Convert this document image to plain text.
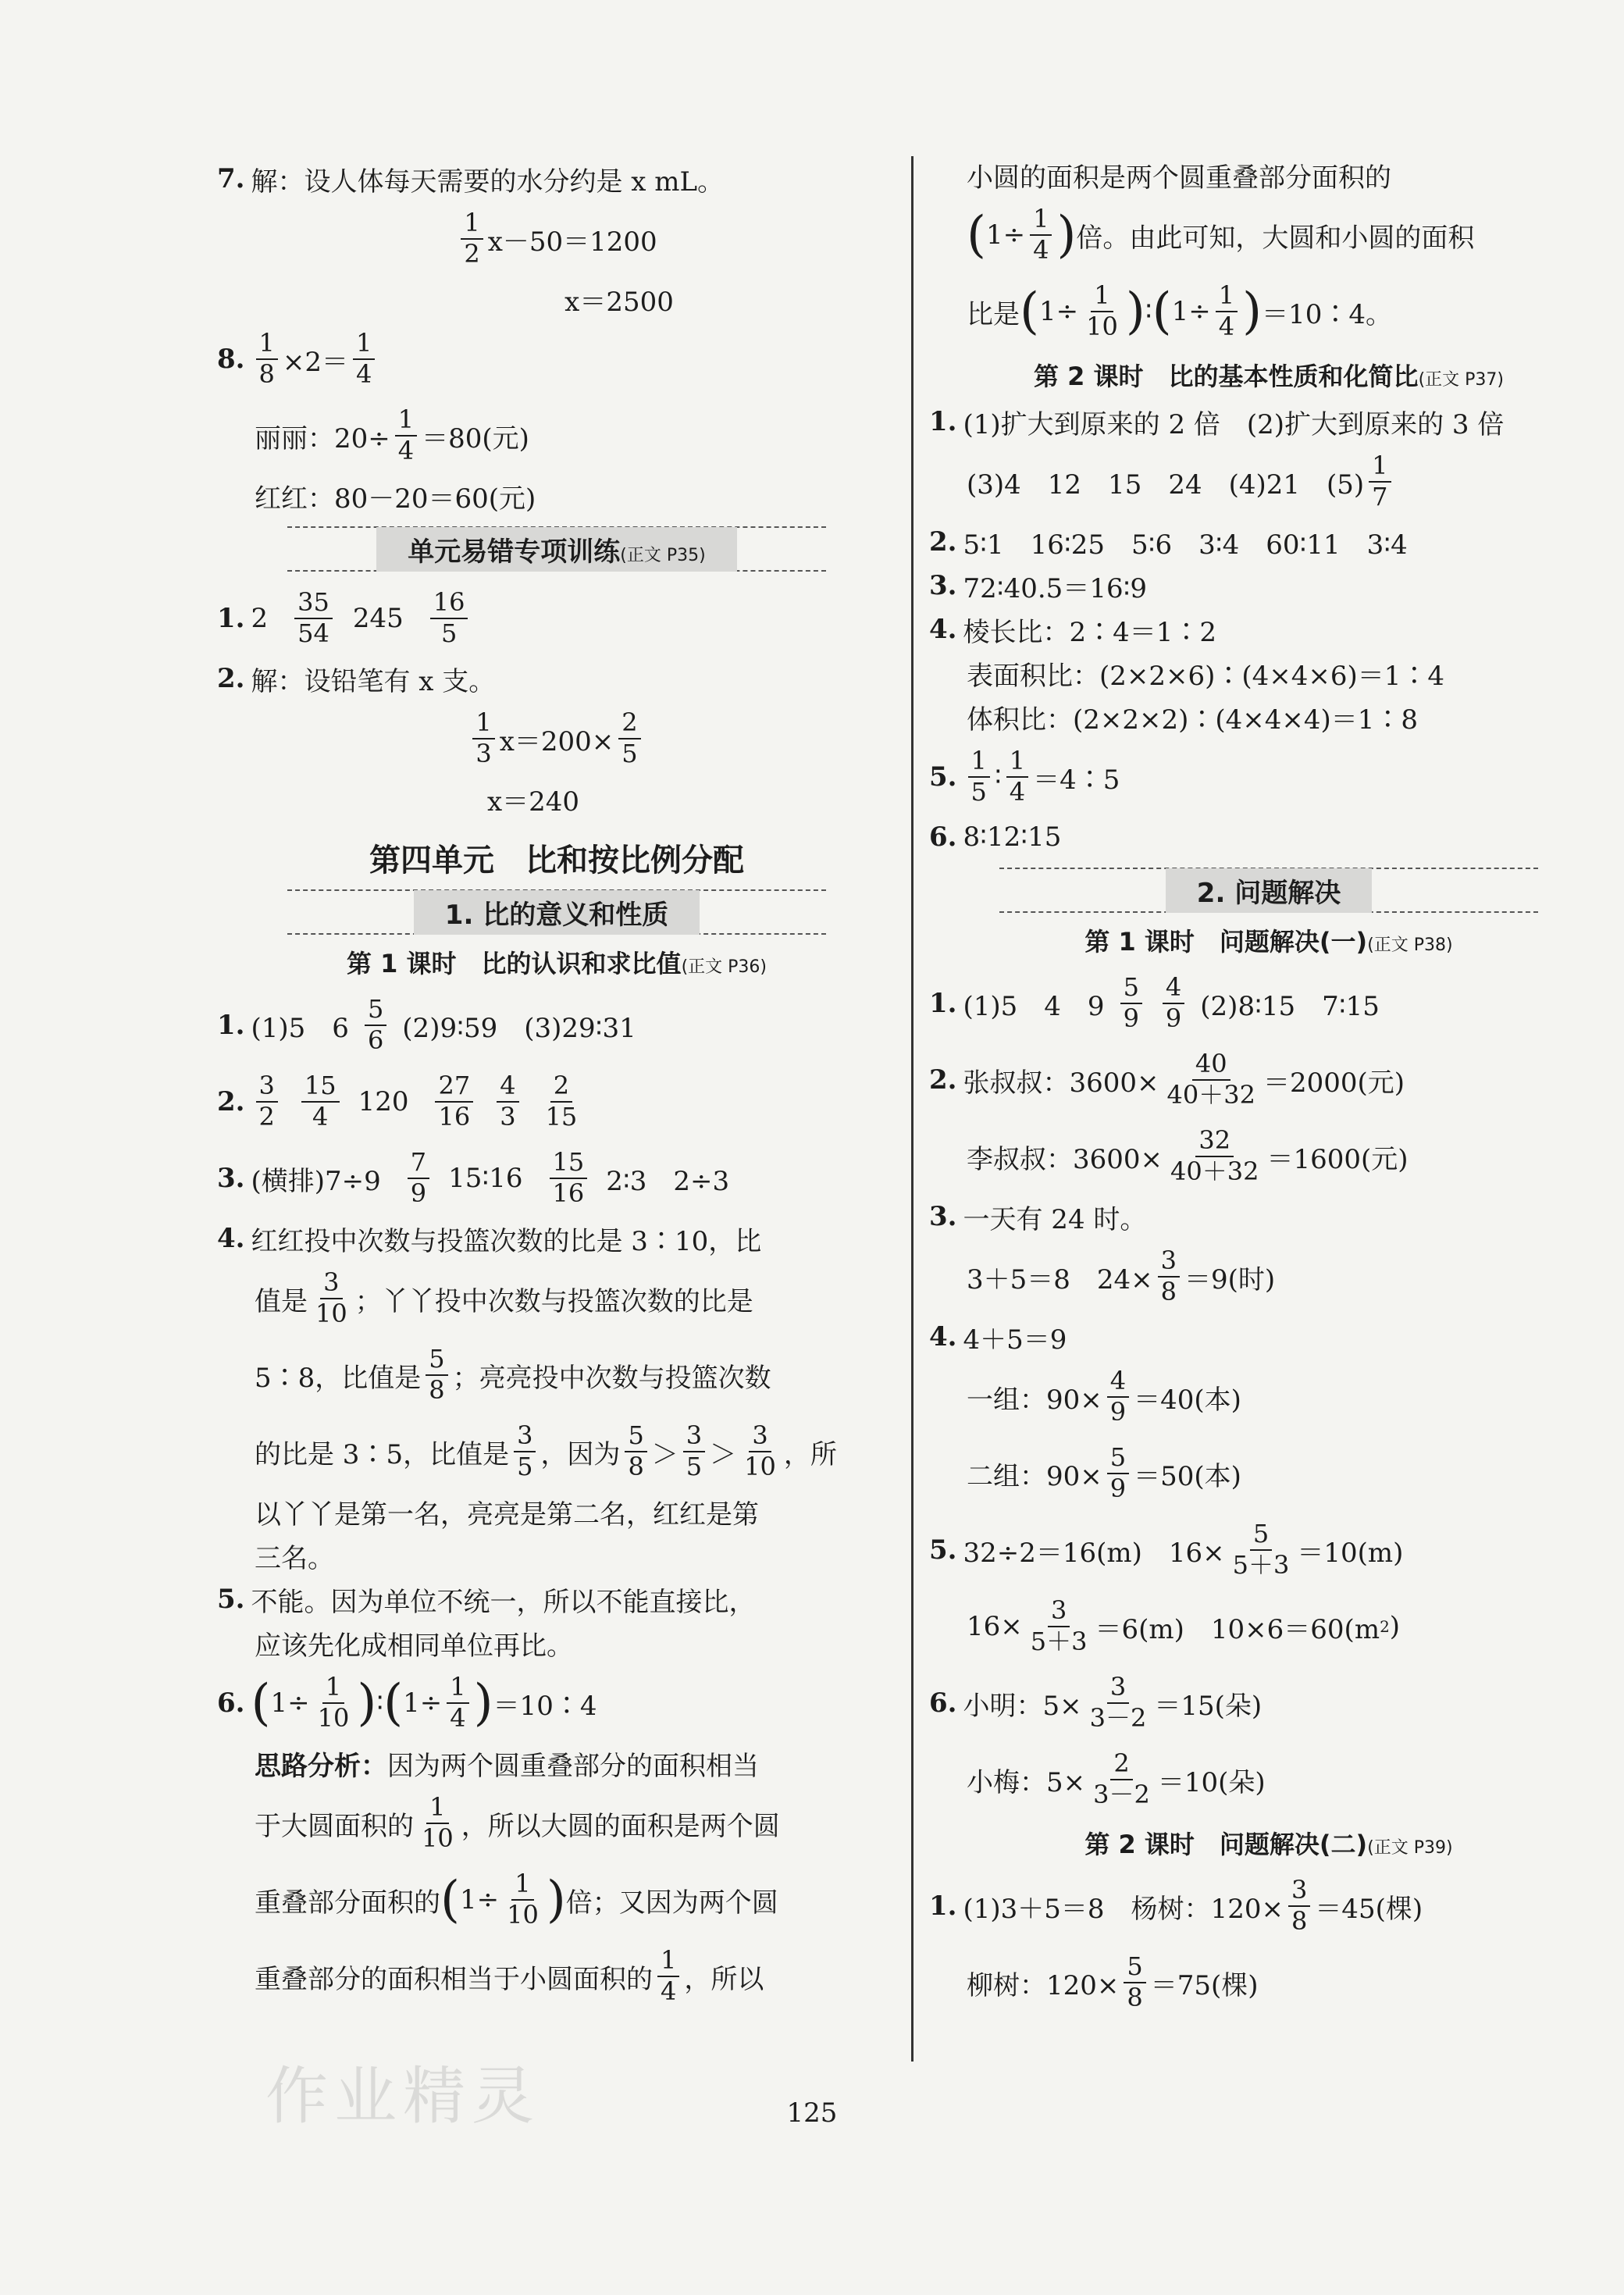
7. 解：设人体每天需要的水分约是 x mL。
$\frac{1}{2} x-50=1200$
x＝2500
8. $\frac{1}{8} \times 2= \frac{1}{4}$
丽丽：$20\div \frac{1}{4} =80$(元)
红红：80－20＝60(元)
单元易错专项训练(正文 P35)
1. $2 \frac{35}{54} 245 \frac{16}{5}$
2. 解：设铅笔有 x 支。
$\frac{1}{3} x=200\times \frac{2}{5}$
x＝240
第四单元　比和按比例分配
1. 比的意义和性质
第 1 课时　比的认识和求比值(正文 P36)
1. (1)5　$6 \frac{5}{6}$ (2)9∶59　(3)29∶31
2. $\frac{3}{2} \frac{15}{4} 120 \frac{27}{16} \frac{4}{3} \frac{2}{15}$
3. (横排)$7\div 9 \frac{7}{9}$ 15∶16 $\frac{15}{16}$ 2∶3　2÷3
4. 红红投中次数与投篮次数的比是 3∶10，比
值是 $\frac{3}{10}$ ；丫丫投中次数与投篮次数的比是
5∶8，比值是 $\frac{5}{8}$ ；亮亮投中次数与投篮次数
的比是 3∶5，比值是 $\frac{3}{5}$ ，因为 $\frac{5}{8} > \frac{3}{5} > \frac{3}{10}$ ，所
以丫丫是第一名，亮亮是第二名，红红是第
三名。
5. 不能。因为单位不统一，所以不能直接比，
应该先化成相同单位再比。
6. ( $1\div \frac{1}{10}$ ) ∶ ( $1\div \frac{1}{4}$ ) ＝10∶4
思路分析： 因为两个圆重叠部分的面积相当
于大圆面积的 $\frac{1}{10}$ ，所以大圆的面积是两个圆
重叠部分面积的 ( $1\div \frac{1}{10}$ ) 倍；又因为两个圆
重叠部分的面积相当于小圆面积的 $\frac{1}{4}$ ，所以
小圆的面积是两个圆重叠部分面积的
( $1\div \frac{1}{4}$ ) 倍。由此可知，大圆和小圆的面积
比是 ( $1\div \frac{1}{10}$ ) ∶ ( $1\div \frac{1}{4}$ ) ＝10∶4。
第 2 课时　比的基本性质和化简比(正文 P37)
1. (1)扩大到原来的 2 倍　(2)扩大到原来的 3 倍
(3)4　12　15　24　(4)21　$(5) \frac{1}{7}$
2. 5∶1　16∶25　5∶6　3∶4　60∶11　3∶4
3. 72∶40.5＝16∶9
4. 棱长比：2∶4＝1∶2
表面积比：(2×2×6)∶(4×4×6)＝1∶4
体积比：(2×2×2)∶(4×4×4)＝1∶8
5. $\frac{1}{5}$ ∶ $\frac{1}{4}$ ＝4∶5
6. 8∶12∶15
2. 问题解决
第 1 课时　问题解决(一)(正文 P38)
1. (1)5　4　$9 \frac{5}{9} \frac{4}{9}$ (2)8∶15　7∶15
2. 张叔叔：$3600\times \frac{40}{40+32} =2000$(元)
李叔叔：$3600\times \frac{32}{40+32} =1600$(元)
3. 一天有 24 时。
3＋5＝8　$24\times \frac{3}{8} =9$(时)
4. 4＋5＝9
一组：$90\times \frac{4}{9} =40$(本)
二组：$90\times \frac{5}{9} =50$(本)
5. 32÷2＝16(m)　$16\times \frac{5}{5+3} =10(m)$
$16\times \frac{3}{5+3} =6(m)$　10×6＝60(m 2 )
6. 小明：$5\times \frac{3}{3-2} =15$(朵)
小梅：$5\times \frac{2}{3-2} =10$(朵)
第 2 课时　问题解决(二)(正文 P39)
1. (1)3＋5＝8　杨树：$120\times \frac{3}{8} =45$(棵)
柳树：$120\times \frac{5}{8} =75$(棵)
作业精灵	125
